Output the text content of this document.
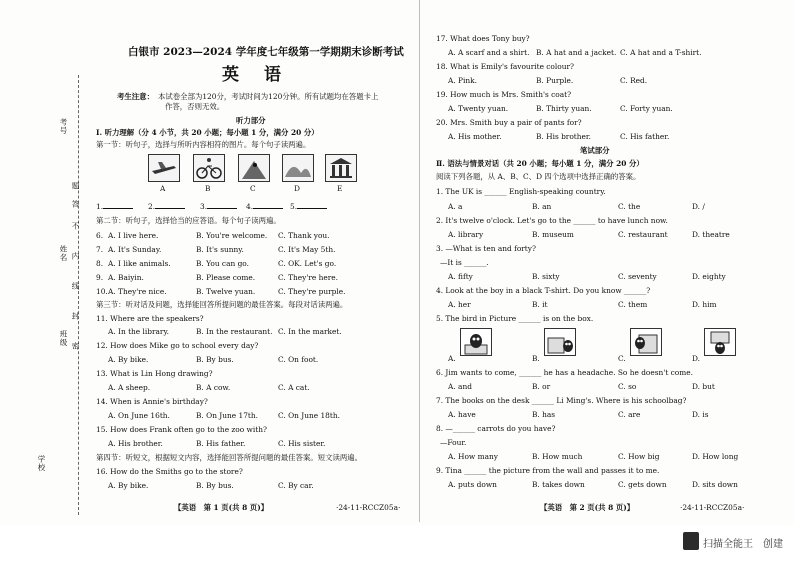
考号
姓名
班级
学校
题
答
不
内
线
封
密
白银市 2023—2024 学年度七年级第一学期期末诊断考试
英　语
考生注意： 本试卷全部为120分，考试时间为120分钟。所有试题均在答题卡上
作答，否则无效。
听力部分
Ⅰ. 听力理解（分 4 小节，共 20 小题；每小题 1 分，满分 20 分）
第一节：听句子，选择与所听内容相符的图片。每个句子读两遍。
A	B	C	D	E
1.	2.	3.	4.	5.
第二节：听句子，选择恰当的应答语。每个句子读两遍。
6. A. I live here.	B. You're welcome. C. Thank you.
7. A. It's Sunday.	B. It's sunny.	C. It's May 5th.
8. A. I like animals.	B. You can go.	C. OK. Let's go.
9. A. Baiyin.	B. Please come.	C. They're here.
10. A. They're nice.	B. Twelve yuan.	C. They're purple.
第三节：听对话及问题，选择能回答所提问题的最佳答案。每段对话读两遍。
11. Where are the speakers?
A. In the library.	B. In the restaurant. C. In the market.
12. How does Mike go to school every day?
A. By bike.	B. By bus.	C. On foot.
13. What is Lin Hong drawing?
A. A sheep.	B. A cow.	C. A cat.
14. When is Annie's birthday?
A. On June 16th.	B. On June 17th.	C. On June 18th.
15. How does Frank often go to the zoo with?
A. His brother.	B. His father.	C. His sister.
第四节：听短文，根据短文内容，选择能回答所提问题的最佳答案。短文读两遍。
16. How do the Smiths go to the store?
A. By bike.	B. By bus.	C. By car.
【英语　第 1 页(共 8 页)】	·24-11-RCCZ05a·
17. What does Tony buy?
A. A scarf and a shirt. B. A hat and a jacket. C. A hat and a T-shirt.
18. What is Emily's favourite colour?
A. Pink.	B. Purple.	C. Red.
19. How much is Mrs. Smith's coat?
A. Twenty yuan.	B. Thirty yuan.	C. Forty yuan.
20. Mrs. Smith buy a pair of pants for?
A. His mother.	B. His brother.	C. His father.
笔试部分
Ⅱ. 语法与情景对话（共 20 小题；每小题 1 分，满分 20 分）
阅读下列各题，从 A、B、C、D 四个选项中选择正确的答案。
1. The UK is ______ English-speaking country.
A. a	B. an	C. the	D. /
2. It's twelve o'clock. Let's go to the ______ to have lunch now.
A. library	B. museum	C. restaurant	D. theatre
3. —What is ten and forty?
—It is ______.
A. fifty	B. sixty	C. seventy	D. eighty
4. Look at the boy in a black T-shirt. Do you know ______?
A. her	B. it	C. them	D. him
5. The bird in Picture ______ is on the box.
A.	B.	C.	D.
6. Jim wants to come, ______ he has a headache. So he doesn't come.
A. and	B. or	C. so	D. but
7. The books on the desk ______ Li Ming's. Where is his schoolbag?
A. have	B. has	C. are	D. is
8. —______ carrots do you have?
—Four.
A. How many	B. How much	C. How big	D. How long
9. Tina ______ the picture from the wall and passes it to me.
A. puts down	B. takes down	C. gets down	D. sits down
【英语　第 2 页(共 8 页)】	·24-11-RCCZ05a·
扫描全能王　创建
